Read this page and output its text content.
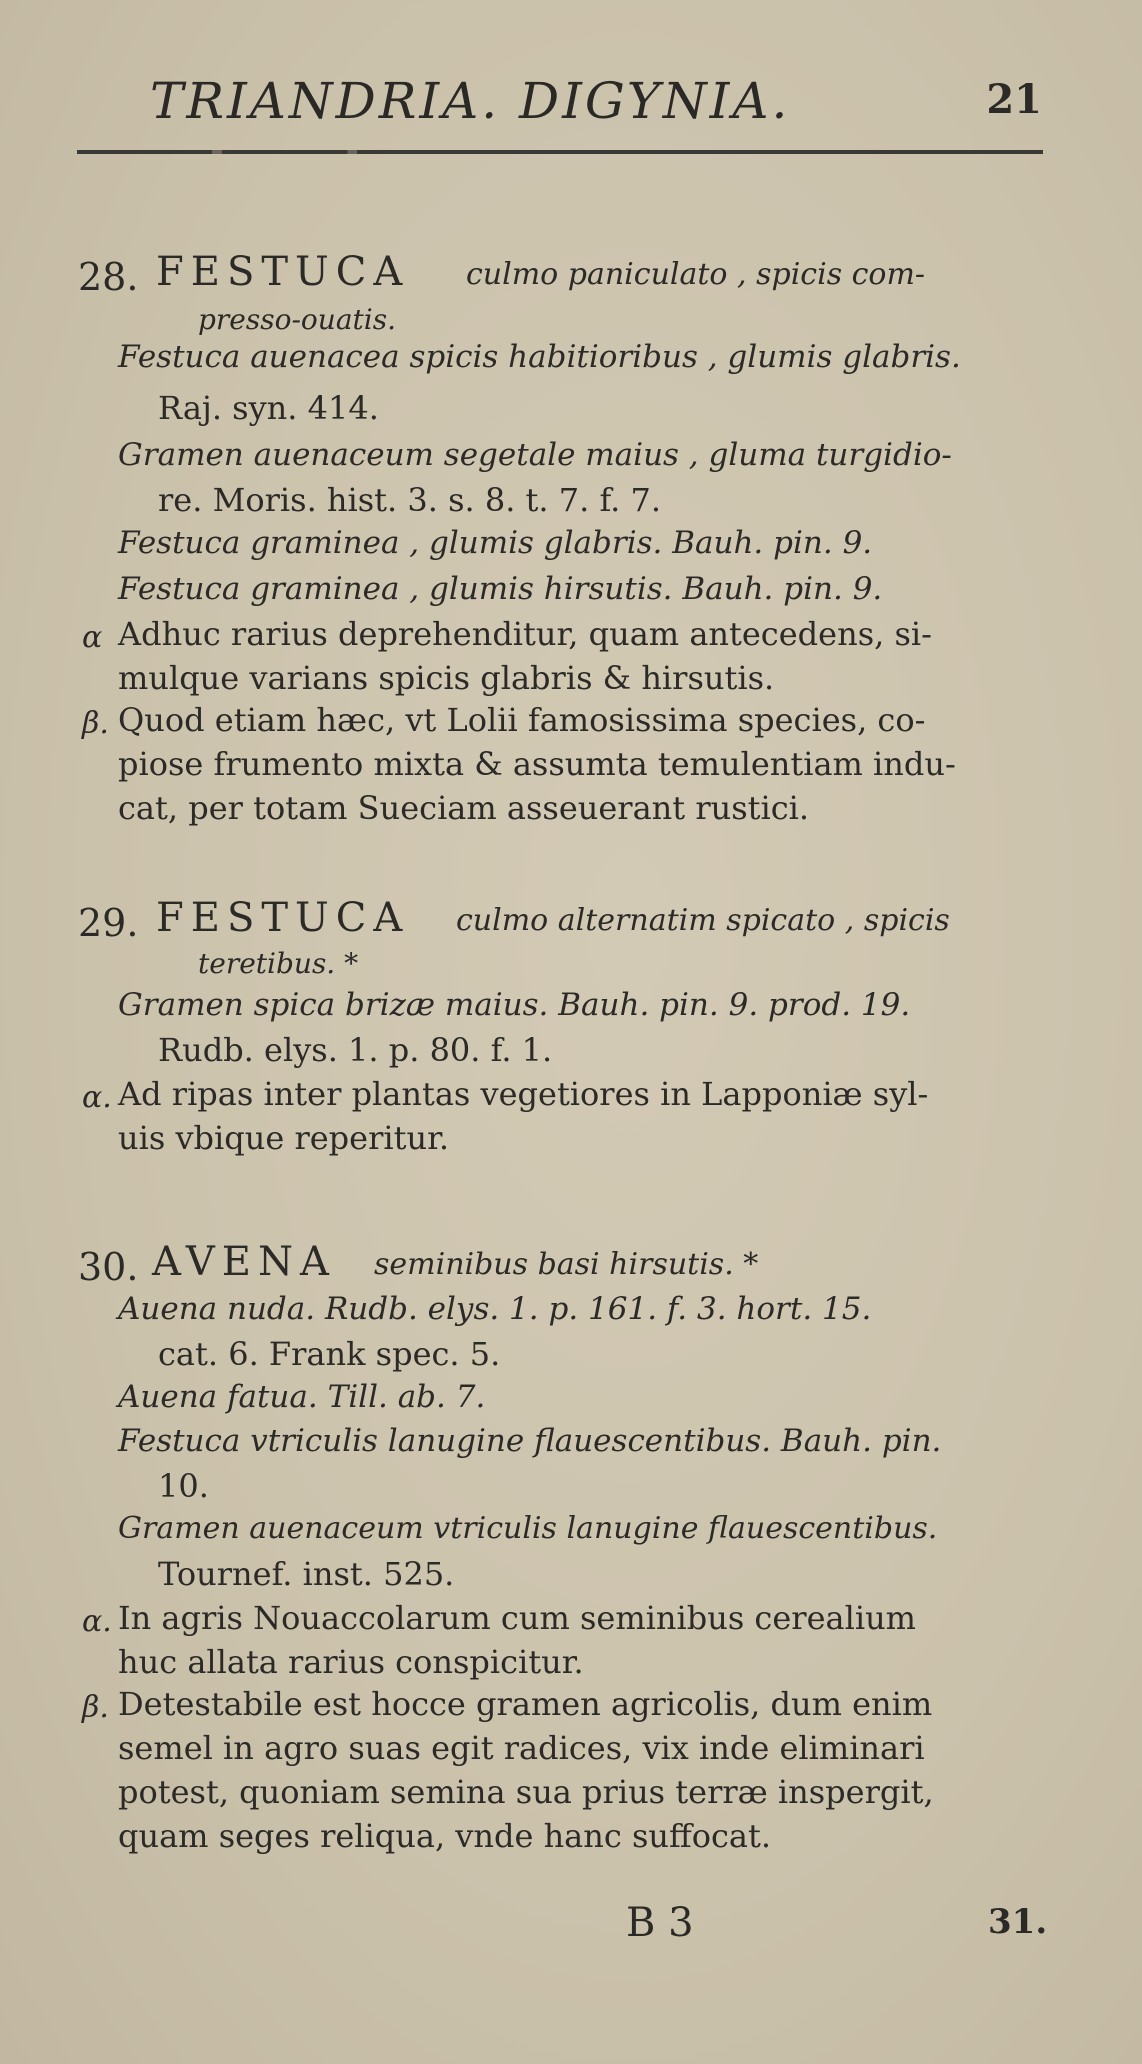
TRIANDRIA. DIGYNIA.	21
28. FESTUCA culmo paniculato , spicis com-
presso-ouatis.
Festuca auenacea spicis habitioribus , glumis glabris.
Raj. syn. 414.
Gramen auenaceum segetale maius , gluma turgidio-
re. Moris. hist. 3. s. 8. t. 7. f. 7.
Festuca graminea , glumis glabris. Bauh. pin. 9.
Festuca graminea , glumis hirsutis. Bauh. pin. 9.
α Adhuc rarius deprehenditur, quam antecedens, si-
mulque varians spicis glabris & hirsutis.
β. Quod etiam hæc, vt Lolii famosissima species, co-
piose frumento mixta & assumta temulentiam indu-
cat, per totam Sueciam asseuerant rustici.
29. FESTUCA culmo alternatim spicato , spicis
teretibus. *
Gramen spica brizæ maius. Bauh. pin. 9. prod. 19.
Rudb. elys. 1. p. 80. f. 1.
α. Ad ripas inter plantas vegetiores in Lapponiæ syl-
uis vbique reperitur.
30. AVENA seminibus basi hirsutis. *
Auena nuda. Rudb. elys. 1. p. 161. f. 3. hort. 15.
cat. 6. Frank spec. 5.
Auena fatua. Till. ab. 7.
Festuca vtriculis lanugine flauescentibus. Bauh. pin.
10.
Gramen auenaceum vtriculis lanugine flauescentibus.
Tournef. inst. 525.
α. In agris Nouaccolarum cum seminibus cerealium
huc allata rarius conspicitur.
β. Detestabile est hocce gramen agricolis, dum enim
semel in agro suas egit radices, vix inde eliminari
potest, quoniam semina sua prius terræ inspergit,
quam seges reliqua, vnde hanc suffocat.
B 3	31.
